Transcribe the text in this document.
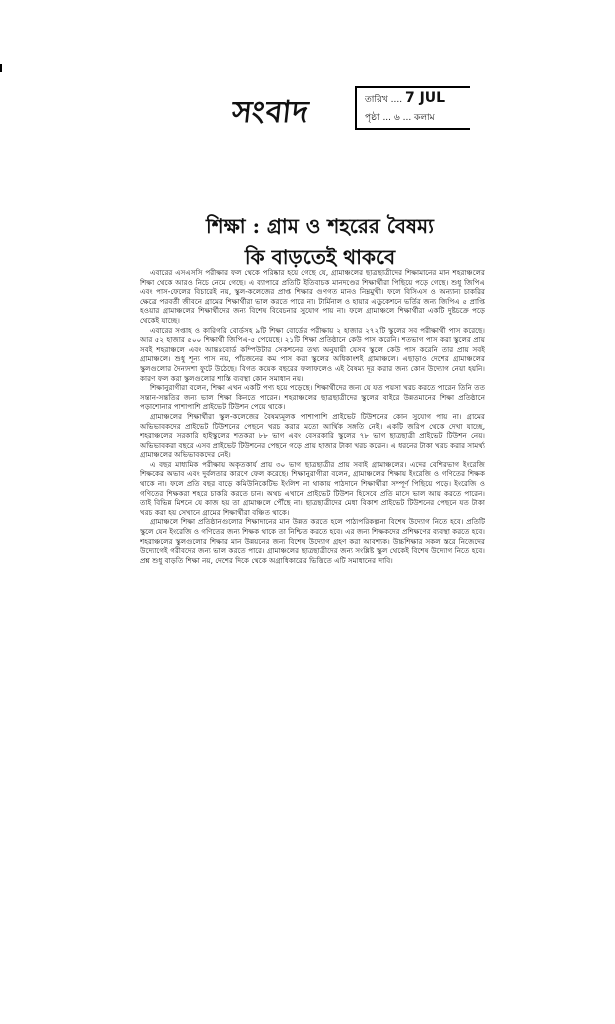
সংবাদ	তারিখ .... 7 JUL
পৃষ্ঠা ... ৬ ... কলাম
শিক্ষা : গ্রাম ও শহরের বৈষম্য
কি বাড়তেই থাকবে

এবারের এসএসসি পরীক্ষার ফল থেকে পরিষ্কার হয়ে গেছে যে, গ্রামাঞ্চলের ছাত্রছাত্রীদের শিক্ষামানের মান শহরাঞ্চলের শিক্ষা থেকে আরও নিচে নেমে গেছে। এ ব্যাপারে প্রতিটি ইতিবাচক মানদণ্ডের শিক্ষার্থীরা পিছিয়ে পড়ে গেছে। শুধু জিপিএ এবং পাস-ফেলের বিচারেই নয়, স্কুল-কলেজের প্রাপ্ত শিক্ষার গুণগত মানও নিম্নমুখী। ফলে বিসিএস ও অন্যান্য চাকরির ক্ষেত্রে পরবর্তী জীবনে গ্রামের শিক্ষার্থীরা ভাল করতে পারে না। টার্মিনাল ও হায়ার এডুকেশনে ভর্তির জন্য জিপিএ ৫ প্রাপ্তি হওয়ার গ্রামাঞ্চলের শিক্ষার্থীদের জন্য বিশেষ বিবেচনার সুযোগ পায় না। ফলে গ্রামাঞ্চলে শিক্ষার্থীরা একটি দুষ্টচক্রে পড়ে থেকেই যাচ্ছে।

এবারের সপ্তাহ ও কারিগরি বোর্ডসহ ৯টি শিক্ষা বোর্ডের পরীক্ষায় ২ হাজার ২৭২টি স্কুলের সব পরীক্ষার্থী পাস করেছে। আর ৫২ হাজার ৫০০ শিক্ষার্থী জিপিএ-৫ পেয়েছে। ২১টি শিক্ষা প্রতিষ্ঠানে কেউ পাস করেনি। শতভাগ পাস করা স্কুলের প্রায় সবই শহরাঞ্চলে এবং আন্তঃবোর্ড কম্পিউটার সেকশনের তথ্য অনুযায়ী যেসব স্কুলে কেউ পাস করেনি তার প্রায় সবই গ্রামাঞ্চলে। শুধু শূন্য পাস নয়, পাঁচজনের কম পাস করা স্কুলের অধিকাংশই গ্রামাঞ্চলে। এছাড়াও দেশের গ্রামাঞ্চলের স্কুলগুলোর দৈন্যদশা ফুটে উঠেছে। বিগত কয়েক বছরের ফলাফলেও এই বৈষম্য দূর করার জন্য কোন উদ্যোগ নেয়া হয়নি। কারণ ফল করা স্কুলগুলোর শাস্তি ব্যবস্থা কোন সমাধান নয়।

শিক্ষানুরাগীরা বলেন, শিক্ষা এখন একটি পণ্য হয়ে পড়েছে। শিক্ষার্থীদের জন্য যে যত পয়সা খরচ করতে পারেন তিনি তত সন্তান-সন্ততির জন্য ভাল শিক্ষা কিনতে পারেন। শহরাঞ্চলের ছাত্রছাত্রীদের স্কুলের বাইরে উন্নতমানের শিক্ষা প্রতিষ্ঠানে পড়াশোনার পাশাপাশি প্রাইভেট টিউশন পেয়ে থাকে।

গ্রামাঞ্চলের শিক্ষার্থীরা স্কুল-কলেজের বৈষম্যমূলক পাশাপাশি প্রাইভেট টিউশনের কোন সুযোগ পায় না। গ্রামের অভিভাবকদের প্রাইভেট টিউশনের পেছনে খরচ করার মতো আর্থিক সঙ্গতি নেই। একটি জরিপ থেকে দেখা যাচ্ছে, শহরাঞ্চলের সরকারি হাইস্কুলের শতকরা ৮৮ ভাগ এবং বেসরকারি স্কুলের ৭৮ ভাগ ছাত্রছাত্রী প্রাইভেট টিউশন নেয়। অভিভাবকরা বছরে এসব প্রাইভেট টিউশনের পেছনে গড়ে প্রায় হাজার টাকা খরচ করেন। এ ধরনের টাকা খরচ করার সামর্থ্য গ্রামাঞ্চলের অভিভাবকদের নেই।

এ বছর মাধ্যমিক পরীক্ষায় অকৃতকার্য প্রায় ৩০ ভাগ ছাত্রছাত্রীর প্রায় সবাই গ্রামাঞ্চলের। এদের বেশিরভাগ ইংরেজি শিক্ষকের অভাব এবং দুর্বলতার কারণে ফেল করেছে। শিক্ষানুরাগীরা বলেন, গ্রামাঞ্চলের শিক্ষায় ইংরেজি ও গণিতের শিক্ষক থাকে না। ফলে প্রতি বছর বাড়ে কমিউনিকেটিভ ইংলিশ না থাকায় পাঠদানে শিক্ষার্থীরা সম্পূর্ণ পিছিয়ে পড়ে। ইংরেজি ও গণিতের শিক্ষকরা শহরে চাকরি করতে চান। অথচ এখানে প্রাইভেট টিউশন হিসেবে প্রতি মাসে ভাল আয় করতে পারেন। তাই বিভিন্ন মিশনে যে কাজ হয় তা গ্রামাঞ্চলে পৌঁছে না। ছাত্রছাত্রীদের মেধা বিকাশ প্রাইভেট টিউশনের পেছনে যত টাকা খরচ করা হয় সেখানে গ্রামের শিক্ষার্থীরা বঞ্চিত থাকে।

গ্রামাঞ্চলে শিক্ষা প্রতিষ্ঠানগুলোর শিক্ষাদানের মান উন্নত করতে হলে পাঠ্যপরিকল্পনা বিশেষ উদ্যোগ নিতে হবে। প্রতিটি স্কুলে যেন ইংরেজি ও গণিতের জন্য শিক্ষক থাকে তা নিশ্চিত করতে হবে। এর জন্য শিক্ষকদের প্রশিক্ষণের ব্যবস্থা করতে হবে। শহরাঞ্চলের স্কুলগুলোর শিক্ষার মান উন্নয়নের জন্য বিশেষ উদ্যোগ গ্রহণ করা আবশ্যক। উচ্চশিক্ষার সকল স্তরে নিজেদের উদ্যোগেই গরীবদের জন্য ভাল করতে পারে। গ্রামাঞ্চলের ছাত্রছাত্রীদের জন্য সংশ্লিষ্ট স্কুল থেকেই বিশেষ উদ্যোগ নিতে হবে। প্রশ্ন শুধু বাড়তি শিক্ষা নয়, দেশের দিকে থেকে অগ্রাধিকারের ভিত্তিতে এটি সমাধানের দাবি।
